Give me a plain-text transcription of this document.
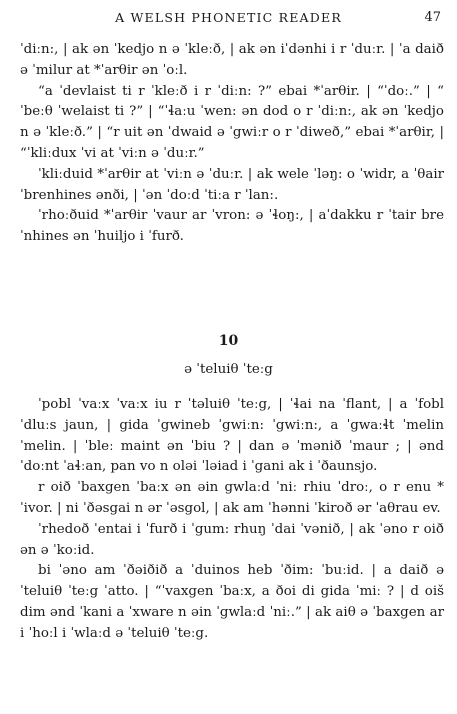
A WELSH PHONETIC READER	47

ˈdiːn:, | ak ən ˈkedjo n ə ˈkleːð, | ak ən iˈdənhi i r ˈduːr. | ˈa daið ə ˈmilur at *ˈarθir ən ˈoːl.

“a ˈdevlaist ti r ˈkleːð i r ˈdiːn: ?” ebai *ˈarθir. | “ˈdoː.” | “ ˈbeːθ ˈwelaist ti ?” | “ˈɬaːu ˈwen: ən dod o r ˈdiːn:, ak ən ˈkedjo n ə ˈkleːð.” | “r uit ən ˈdwaid ə ˈgwiːr o r ˈdiweð,” ebai *ˈarθir, | “ˈkliːdux ˈvi at ˈviːn ə ˈduːr.”

ˈkliːduid *ˈarθir at ˈviːn ə ˈduːr. | ak wele ˈləŋ: o ˈwidr, a ˈθair ˈbrenhines ənði, | ˈən ˈdoːd ˈtiːa r ˈlan:.

ˈrhoːðuid *ˈarθir ˈvaur ar ˈvron: ə ˈɬoŋ:, | aˈdakku r ˈtair breˈnhines ən ˈhuiljo i ˈfurð.

10
ə ˈteluiθ ˈteːg

ˈpobl ˈvaːx ˈvaːx iu r ˈtəluiθ ˈteːg, | ˈɬai na ˈflant, | a ˈfobl ˈdluːs jaun, | gida ˈgwineb ˈgwiːn: ˈgwiːn:, a ˈgwaːɬt ˈmelin ˈmelin. | ˈbleː maint ən ˈbiu ? | dan ə ˈmənið ˈmaur ; | ənd ˈdoːnt ˈaɬːan, pan vo n oləi ˈləiad i ˈgani ak i ˈðaunsjo.

r oið ˈbaxgen ˈbaːx ən əin gwlaːd ˈniː rhiu ˈdroː, o r enu *ˈivor. | ni ˈðəsgai n ər ˈəsgol, | ak am ˈhənni ˈkiroð ər ˈaθrau ev.

ˈrhedoð ˈentai i ˈfurð i ˈgum: rhuŋ ˈdai ˈvənið, | ak ˈəno r oið ən ə ˈkoːid.

bi ˈəno am ˈðəiðið a ˈduinos heb ˈðim: ˈbuːid. | a daið ə ˈteluiθ ˈteːg ˈatto. | “ˈvaxgen ˈbaːx, a ðoi di gida ˈmiː ? | d oiš dim ənd ˈkani a ˈxware n əin ˈgwlaːd ˈniː.” | ak aiθ ə ˈbaxgen ar i ˈhoːl i ˈwlaːd ə ˈteluiθ ˈteːg.
